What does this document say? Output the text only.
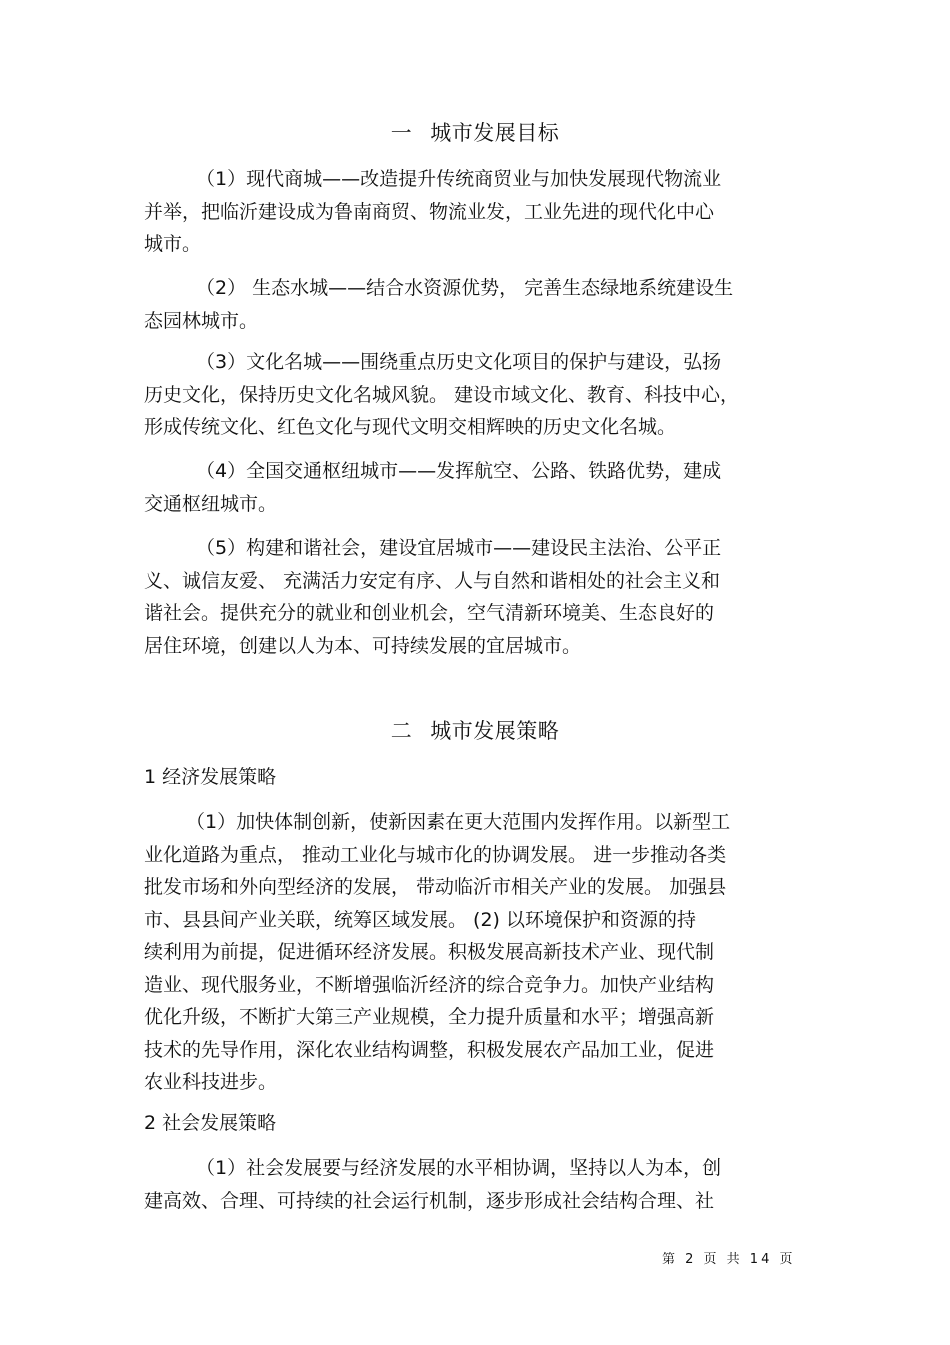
一 城市发展目标
（1）现代商城——改造提升传统商贸业与加快发展现代物流业
并举，把临沂建设成为鲁南商贸、物流业发，工业先进的现代化中心
城市。
（2） 生态水城——结合水资源优势， 完善生态绿地系统建设生
态园林城市。
（3）文化名城——围绕重点历史文化项目的保护与建设，弘扬
历史文化，保持历史文化名城风貌。 建设市域文化、教育、科技中心，
形成传统文化、红色文化与现代文明交相辉映的历史文化名城。
（4）全国交通枢纽城市——发挥航空、公路、铁路优势，建成
交通枢纽城市。
（5）构建和谐社会，建设宜居城市——建设民主法治、公平正
义、诚信友爱、 充满活力安定有序、人与自然和谐相处的社会主义和
谐社会。提供充分的就业和创业机会，空气清新环境美、生态良好的
居住环境，创建以人为本、可持续发展的宜居城市。
二 城市发展策略
1 经济发展策略
（1）加快体制创新，使新因素在更大范围内发挥作用。以新型工
业化道路为重点， 推动工业化与城市化的协调发展。 进一步推动各类
批发市场和外向型经济的发展， 带动临沂市相关产业的发展。 加强县
市、县县间产业关联，统筹区域发展。 (2) 以环境保护和资源的持
续利用为前提，促进循环经济发展。积极发展高新技术产业、现代制
造业、现代服务业，不断增强临沂经济的综合竞争力。加快产业结构
优化升级，不断扩大第三产业规模，全力提升质量和水平；增强高新
技术的先导作用，深化农业结构调整，积极发展农产品加工业，促进
农业科技进步。
2 社会发展策略
（1）社会发展要与经济发展的水平相协调，坚持以人为本，创
建高效、合理、可持续的社会运行机制，逐步形成社会结构合理、社
第 2 页 共 14 页
